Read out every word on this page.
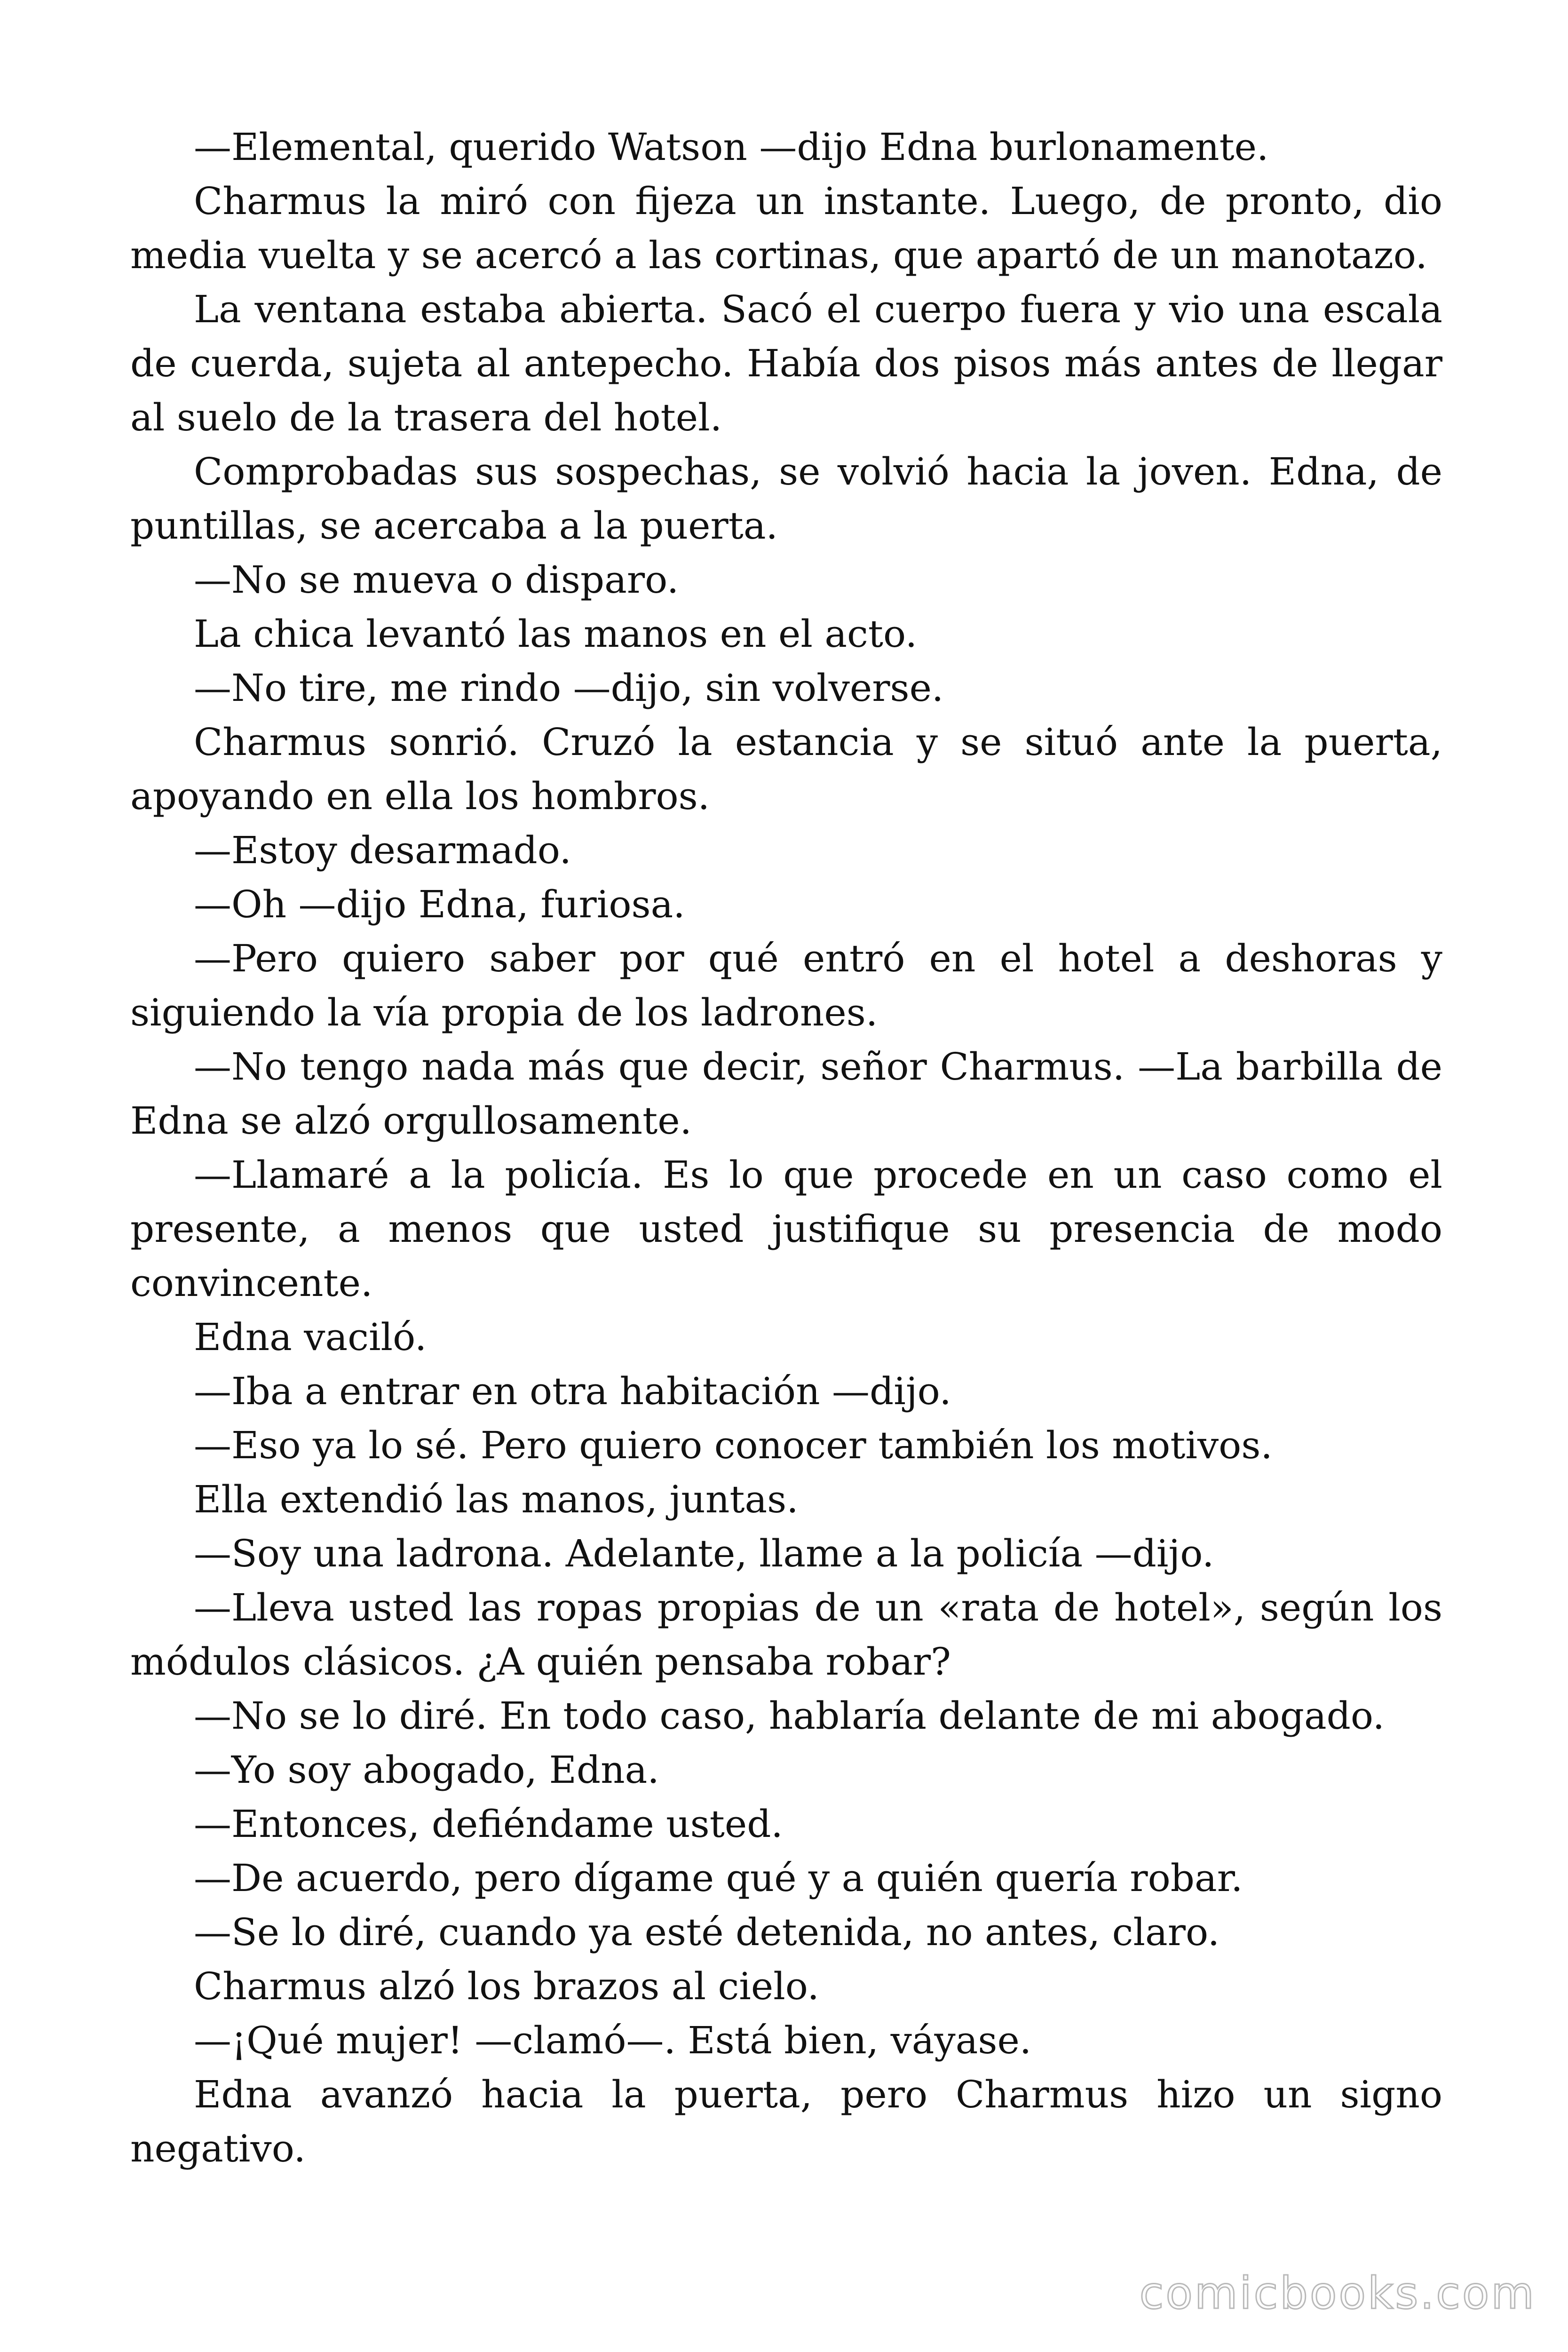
—Elemental, querido Watson —dijo Edna burlonamente.

Charmus la miró con fijeza un instante. Luego, de pronto, dio media vuelta y se acercó a las cortinas, que apartó de un manotazo.

La ventana estaba abierta. Sacó el cuerpo fuera y vio una escala de cuerda, sujeta al antepecho. Había dos pisos más antes de llegar al suelo de la trasera del hotel.

Comprobadas sus sospechas, se volvió hacia la joven. Edna, de puntillas, se acercaba a la puerta.

—No se mueva o disparo.

La chica levantó las manos en el acto.

—No tire, me rindo —dijo, sin volverse.

Charmus sonrió. Cruzó la estancia y se situó ante la puerta, apoyando en ella los hombros.

—Estoy desarmado.

—Oh —dijo Edna, furiosa.

—Pero quiero saber por qué entró en el hotel a deshoras y siguiendo la vía propia de los ladrones.

—No tengo nada más que decir, señor Charmus. —La barbilla de Edna se alzó orgullosamente.

—Llamaré a la policía. Es lo que procede en un caso como el presente, a menos que usted justifique su presencia de modo convincente.

Edna vaciló.

—Iba a entrar en otra habitación —dijo.

—Eso ya lo sé. Pero quiero conocer también los motivos.

Ella extendió las manos, juntas.

—Soy una ladrona. Adelante, llame a la policía —dijo.

—Lleva usted las ropas propias de un «rata de hotel», según los módulos clásicos. ¿A quién pensaba robar?

—No se lo diré. En todo caso, hablaría delante de mi abogado.

—Yo soy abogado, Edna.

—Entonces, defiéndame usted.

—De acuerdo, pero dígame qué y a quién quería robar.

—Se lo diré, cuando ya esté detenida, no antes, claro.

Charmus alzó los brazos al cielo.

—¡Qué mujer! —clamó—. Está bien, váyase.

Edna avanzó hacia la puerta, pero Charmus hizo un signo negativo.

comicbooks.com
